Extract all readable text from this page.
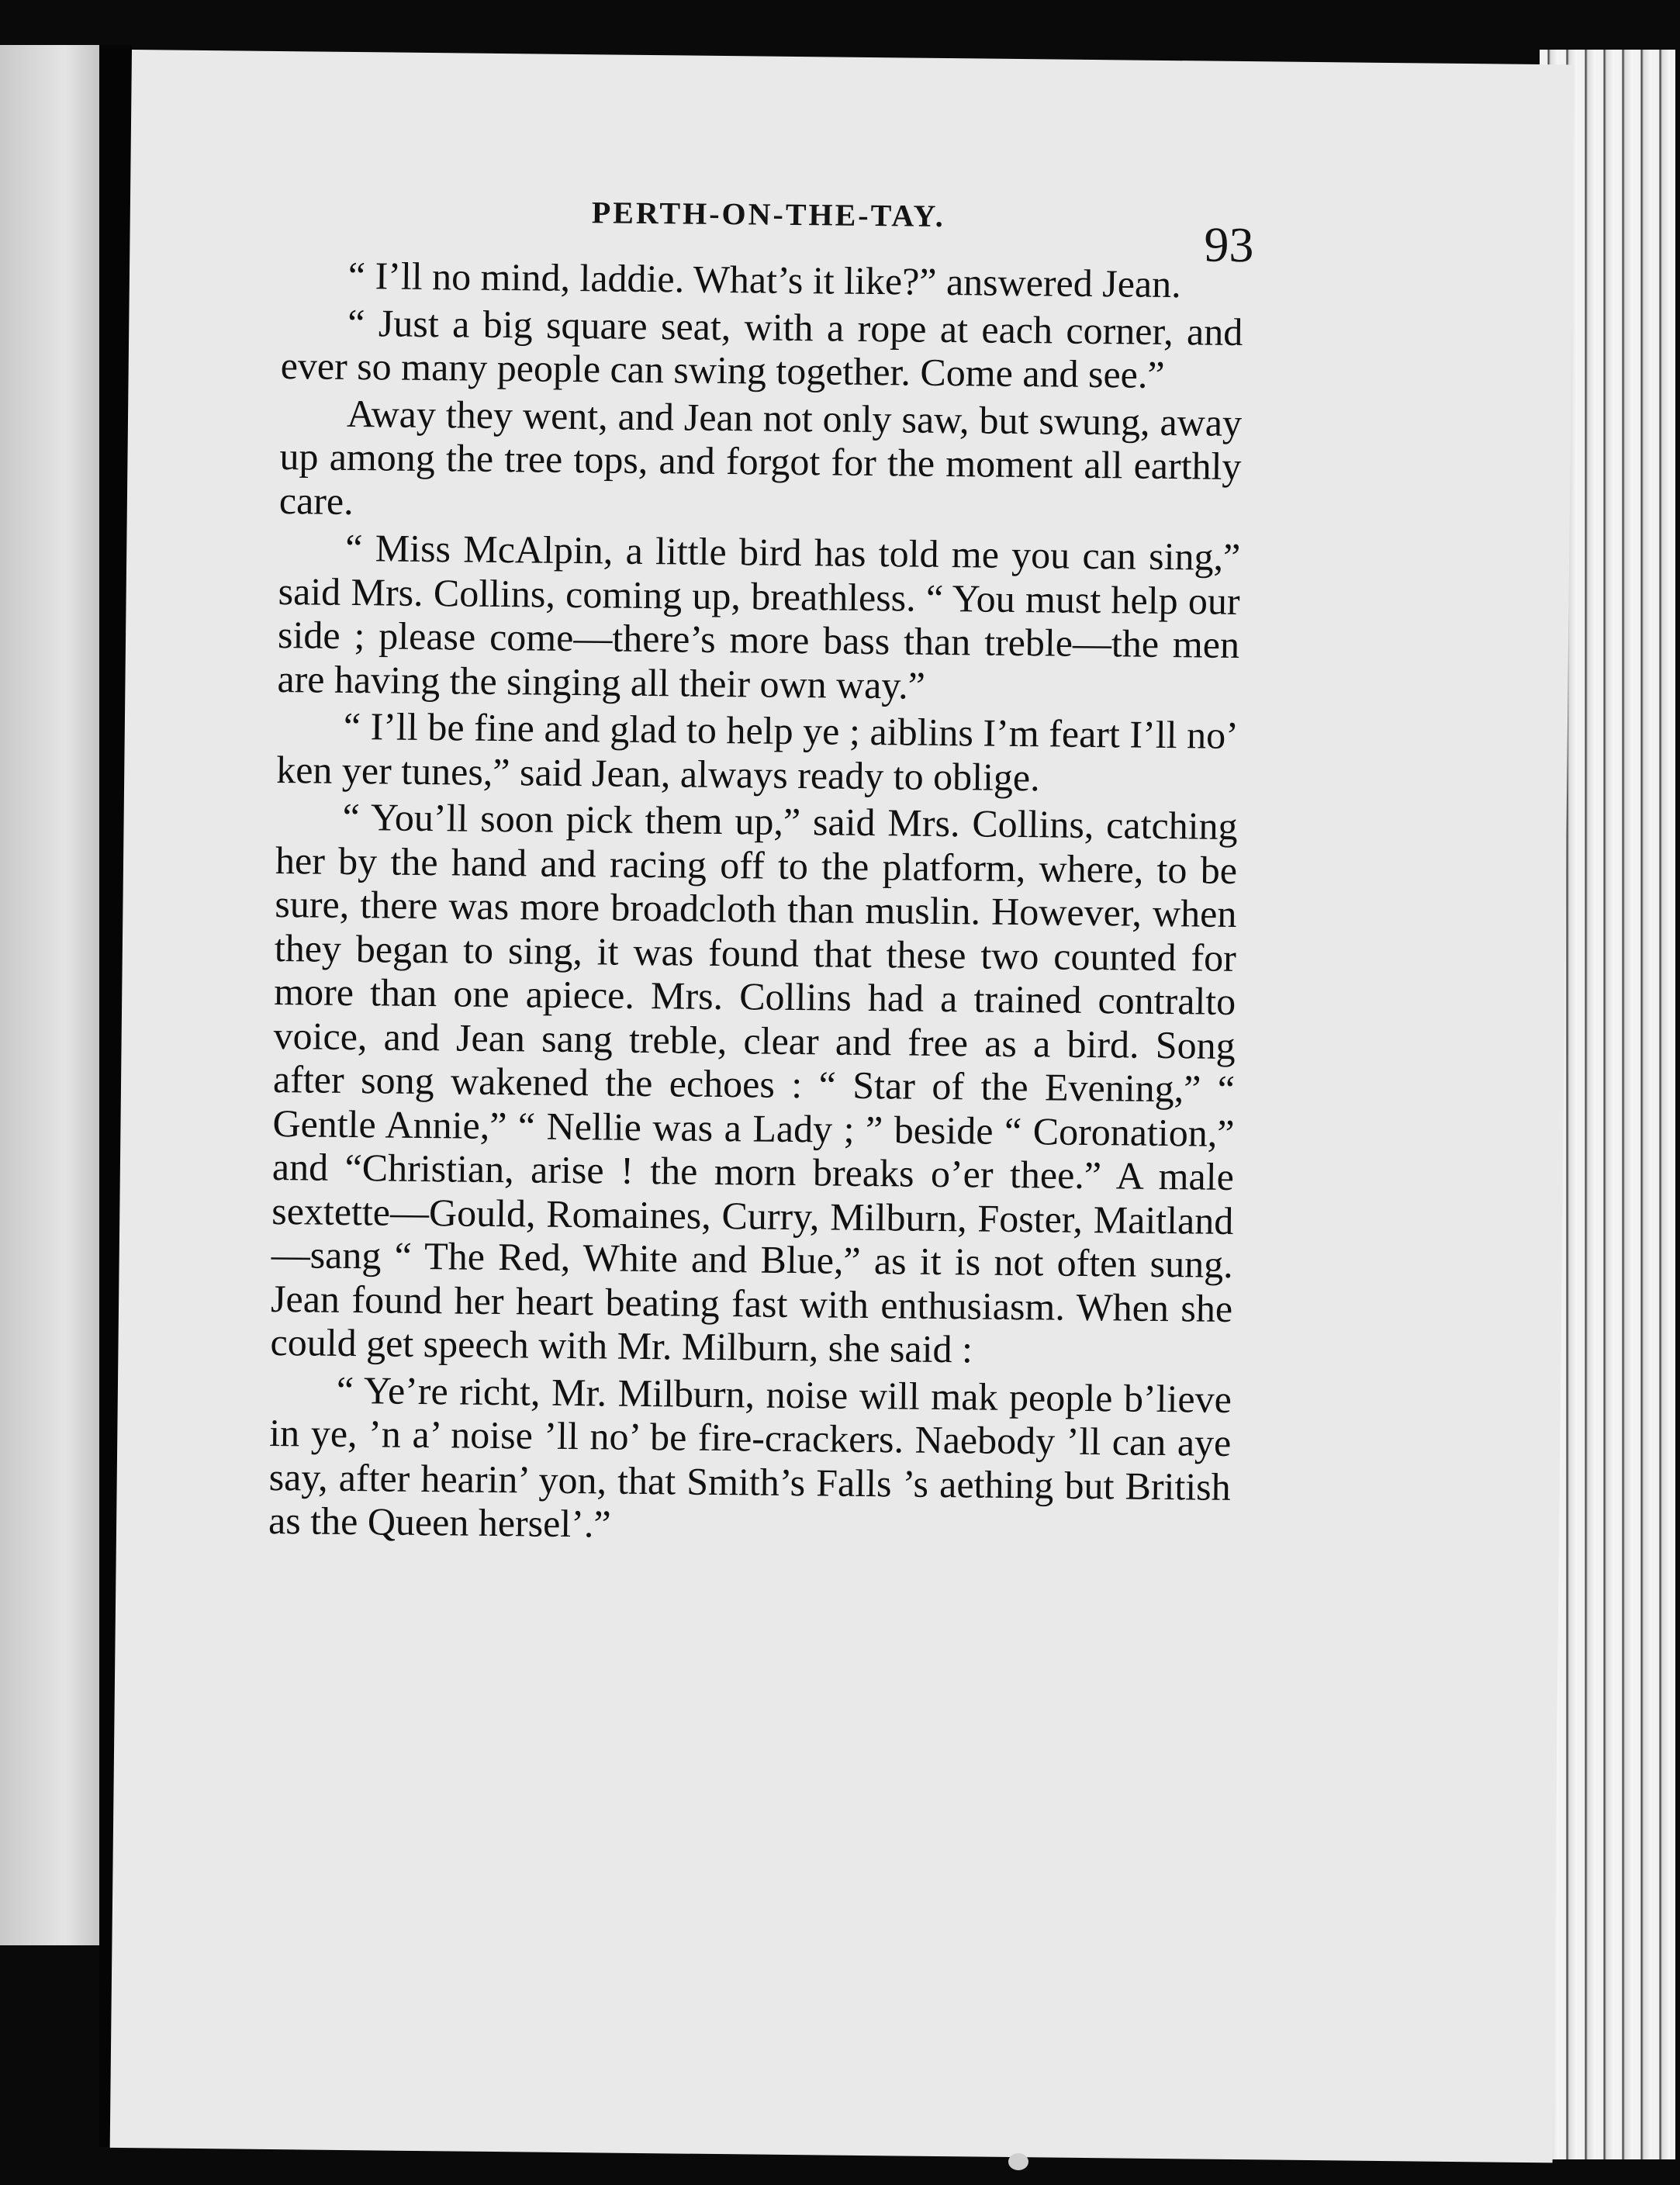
PERTH-ON-THE-TAY.
93

“ I’ll no mind, laddie. What’s it like?” answered Jean.

“ Just a big square seat, with a rope at each corner, and ever so many people can swing together. Come and see.”

Away they went, and Jean not only saw, but swung, away up among the tree tops, and forgot for the moment all earthly care.

“ Miss McAlpin, a little bird has told me you can sing,” said Mrs. Collins, coming up, breathless. “ You must help our side ; please come—there’s more bass than treble—the men are having the singing all their own way.”

“ I’ll be fine and glad to help ye ; aiblins I’m feart I’ll no’ ken yer tunes,” said Jean, always ready to oblige.

“ You’ll soon pick them up,” said Mrs. Collins, catching her by the hand and racing off to the platform, where, to be sure, there was more broadcloth than muslin. However, when they began to sing, it was found that these two counted for more than one apiece. Mrs. Collins had a trained contralto voice, and Jean sang treble, clear and free as a bird. Song after song wakened the echoes : “ Star of the Evening,” “ Gentle Annie,” “ Nellie was a Lady ; ” beside “ Coronation,” and “Christian, arise ! the morn breaks o’er thee.” A male sextette—Gould, Romaines, Curry, Milburn, Foster, Maitland—sang “ The Red, White and Blue,” as it is not often sung. Jean found her heart beating fast with enthusiasm. When she could get speech with Mr. Milburn, she said :

“ Ye’re richt, Mr. Milburn, noise will mak people b’lieve in ye, ’n a’ noise ’ll no’ be fire-crackers. Naebody ’ll can aye say, after hearin’ yon, that Smith’s Falls ’s aething but British as the Queen hersel’.”
